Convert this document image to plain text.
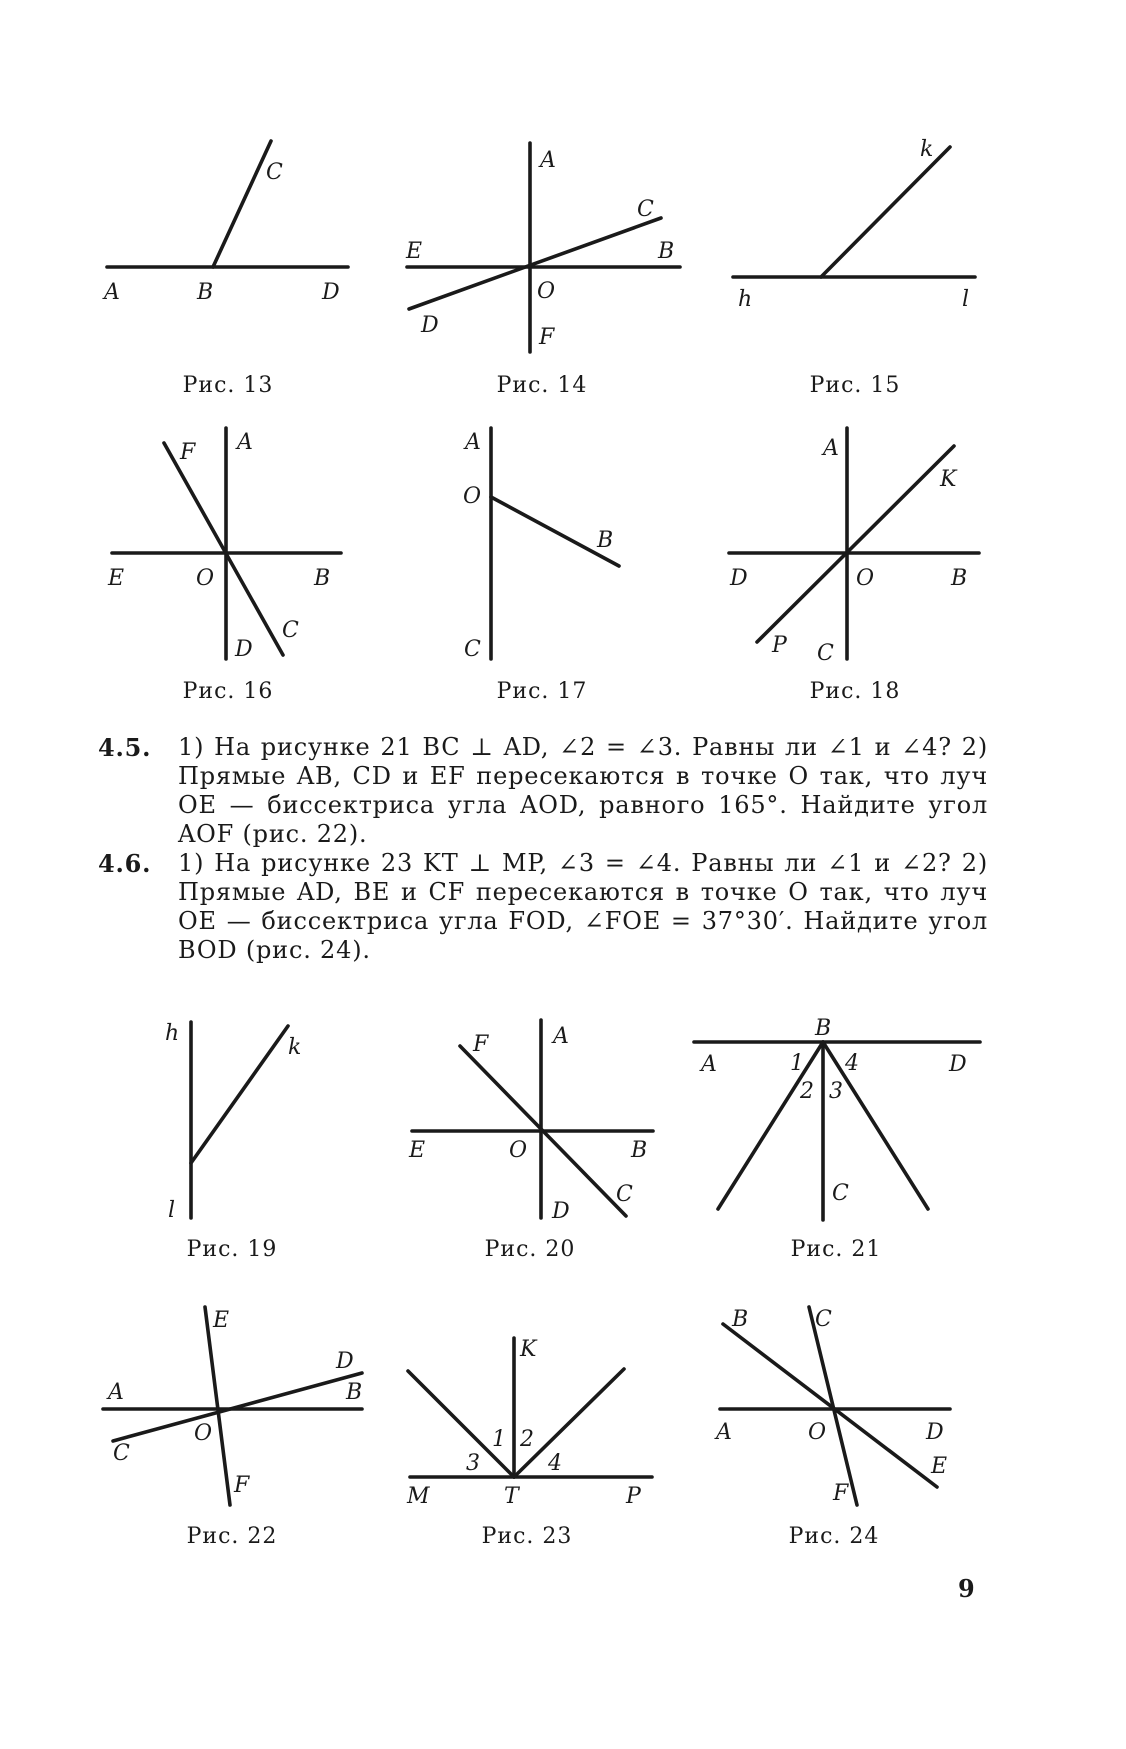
C
A	B	D
A
C
E	B
O
D	F
k
h	l
F A
E	O	B
C
D
A
O
B
C
A
K
D	O	B
P C
h
k
l
F	A
E	O	B
C
D
B
A	1 4	D
2 3
C
E
D
A	B
O
C
F
K
1 2
3	4
M	T	P
B	C
A	O	D
E
F
Рис. 13	Рис. 14	Рис. 15
Рис. 16	Рис. 17	Рис. 18
Рис. 19	Рис. 20	Рис. 21
Рис. 22	Рис. 23	Рис. 24
4.5. 1) На рисунке 21 BC ⊥ AD, ∠2 = ∠3. Равны ли ∠1 и ∠4? 2) Прямые AB, CD и EF пересекаются в точке O так, что луч OE — биссектриса угла AOD, равного 165°. Найдите угол AOF (рис. 22).

4.6. 1) На рисунке 23 KT ⊥ MP, ∠3 = ∠4. Равны ли ∠1 и ∠2? 2) Прямые AD, BE и CF пересекаются в точке O так, что луч OE — биссектриса угла FOD, ∠FOE = 37°30′. Найдите угол BOD (рис. 24).

9
